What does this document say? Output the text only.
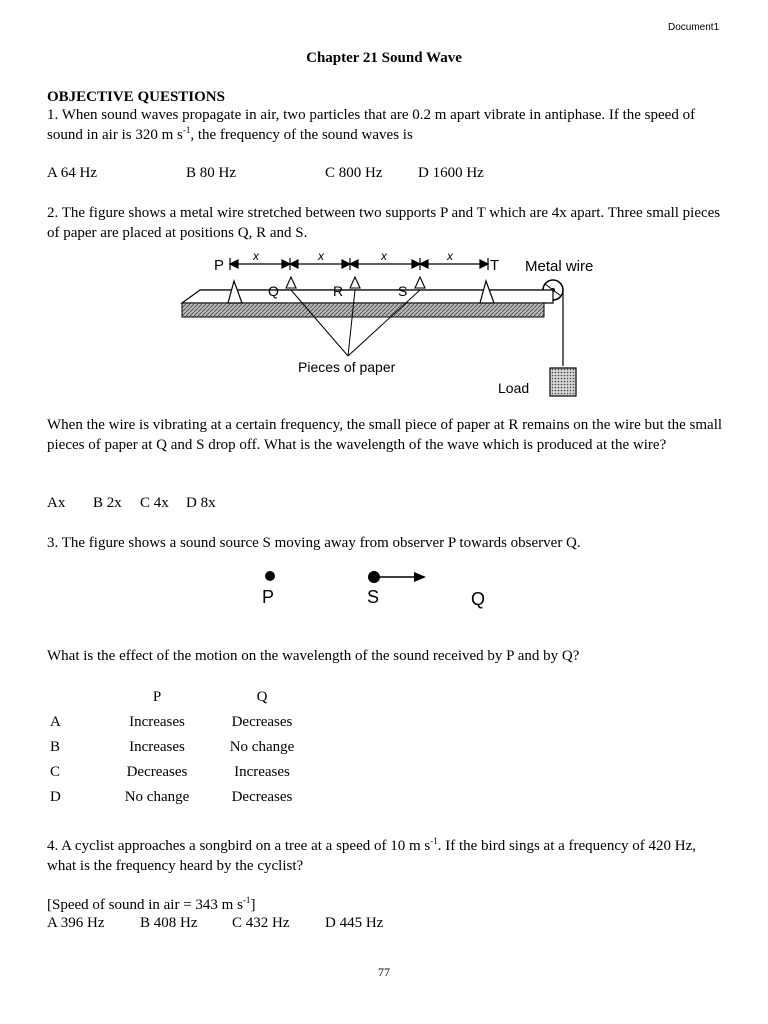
Document1
Chapter 21 Sound Wave
OBJECTIVE QUESTIONS
1. When sound waves propagate in air, two particles that are 0.2 m apart vibrate in antiphase. If the speed of sound in air is 320 m $s^{-1}$, the frequency of the sound waves is
A 64 Hz	B 80 Hz	C 800 Hz D 1600 Hz
2. The figure shows a metal wire stretched between two supports P and T which are 4x apart. Three small pieces of paper are placed at positions Q, R and S.
x	x	x	x
P	T Metal wire
Load
Q	R	S
Pieces of paper
When the wire is vibrating at a certain frequency, the small piece of paper at R remains on the wire but the small pieces of paper at Q and S drop off. What is the wavelength of the wave which is produced at the wire?
Ax B 2x C 4x D 8x
3. The figure shows a sound source S moving away from observer P towards observer Q.
P	S	Q
What is the effect of the motion on the wavelength of the sound received by P and by Q?
	P	Q
A	Increases	Decreases
B	Increases	No change
C	Decreases	Increases
D	No change	Decreases
4. A cyclist approaches a songbird on a tree at a speed of 10 m $s^{-1}$. If the bird sings at a frequency of 420 Hz, what is the frequency heard by the cyclist?
[Speed of sound in air = 343 m $s^{-1}$]
A 396 Hz B 408 Hz C 432 Hz D 445 Hz
77
